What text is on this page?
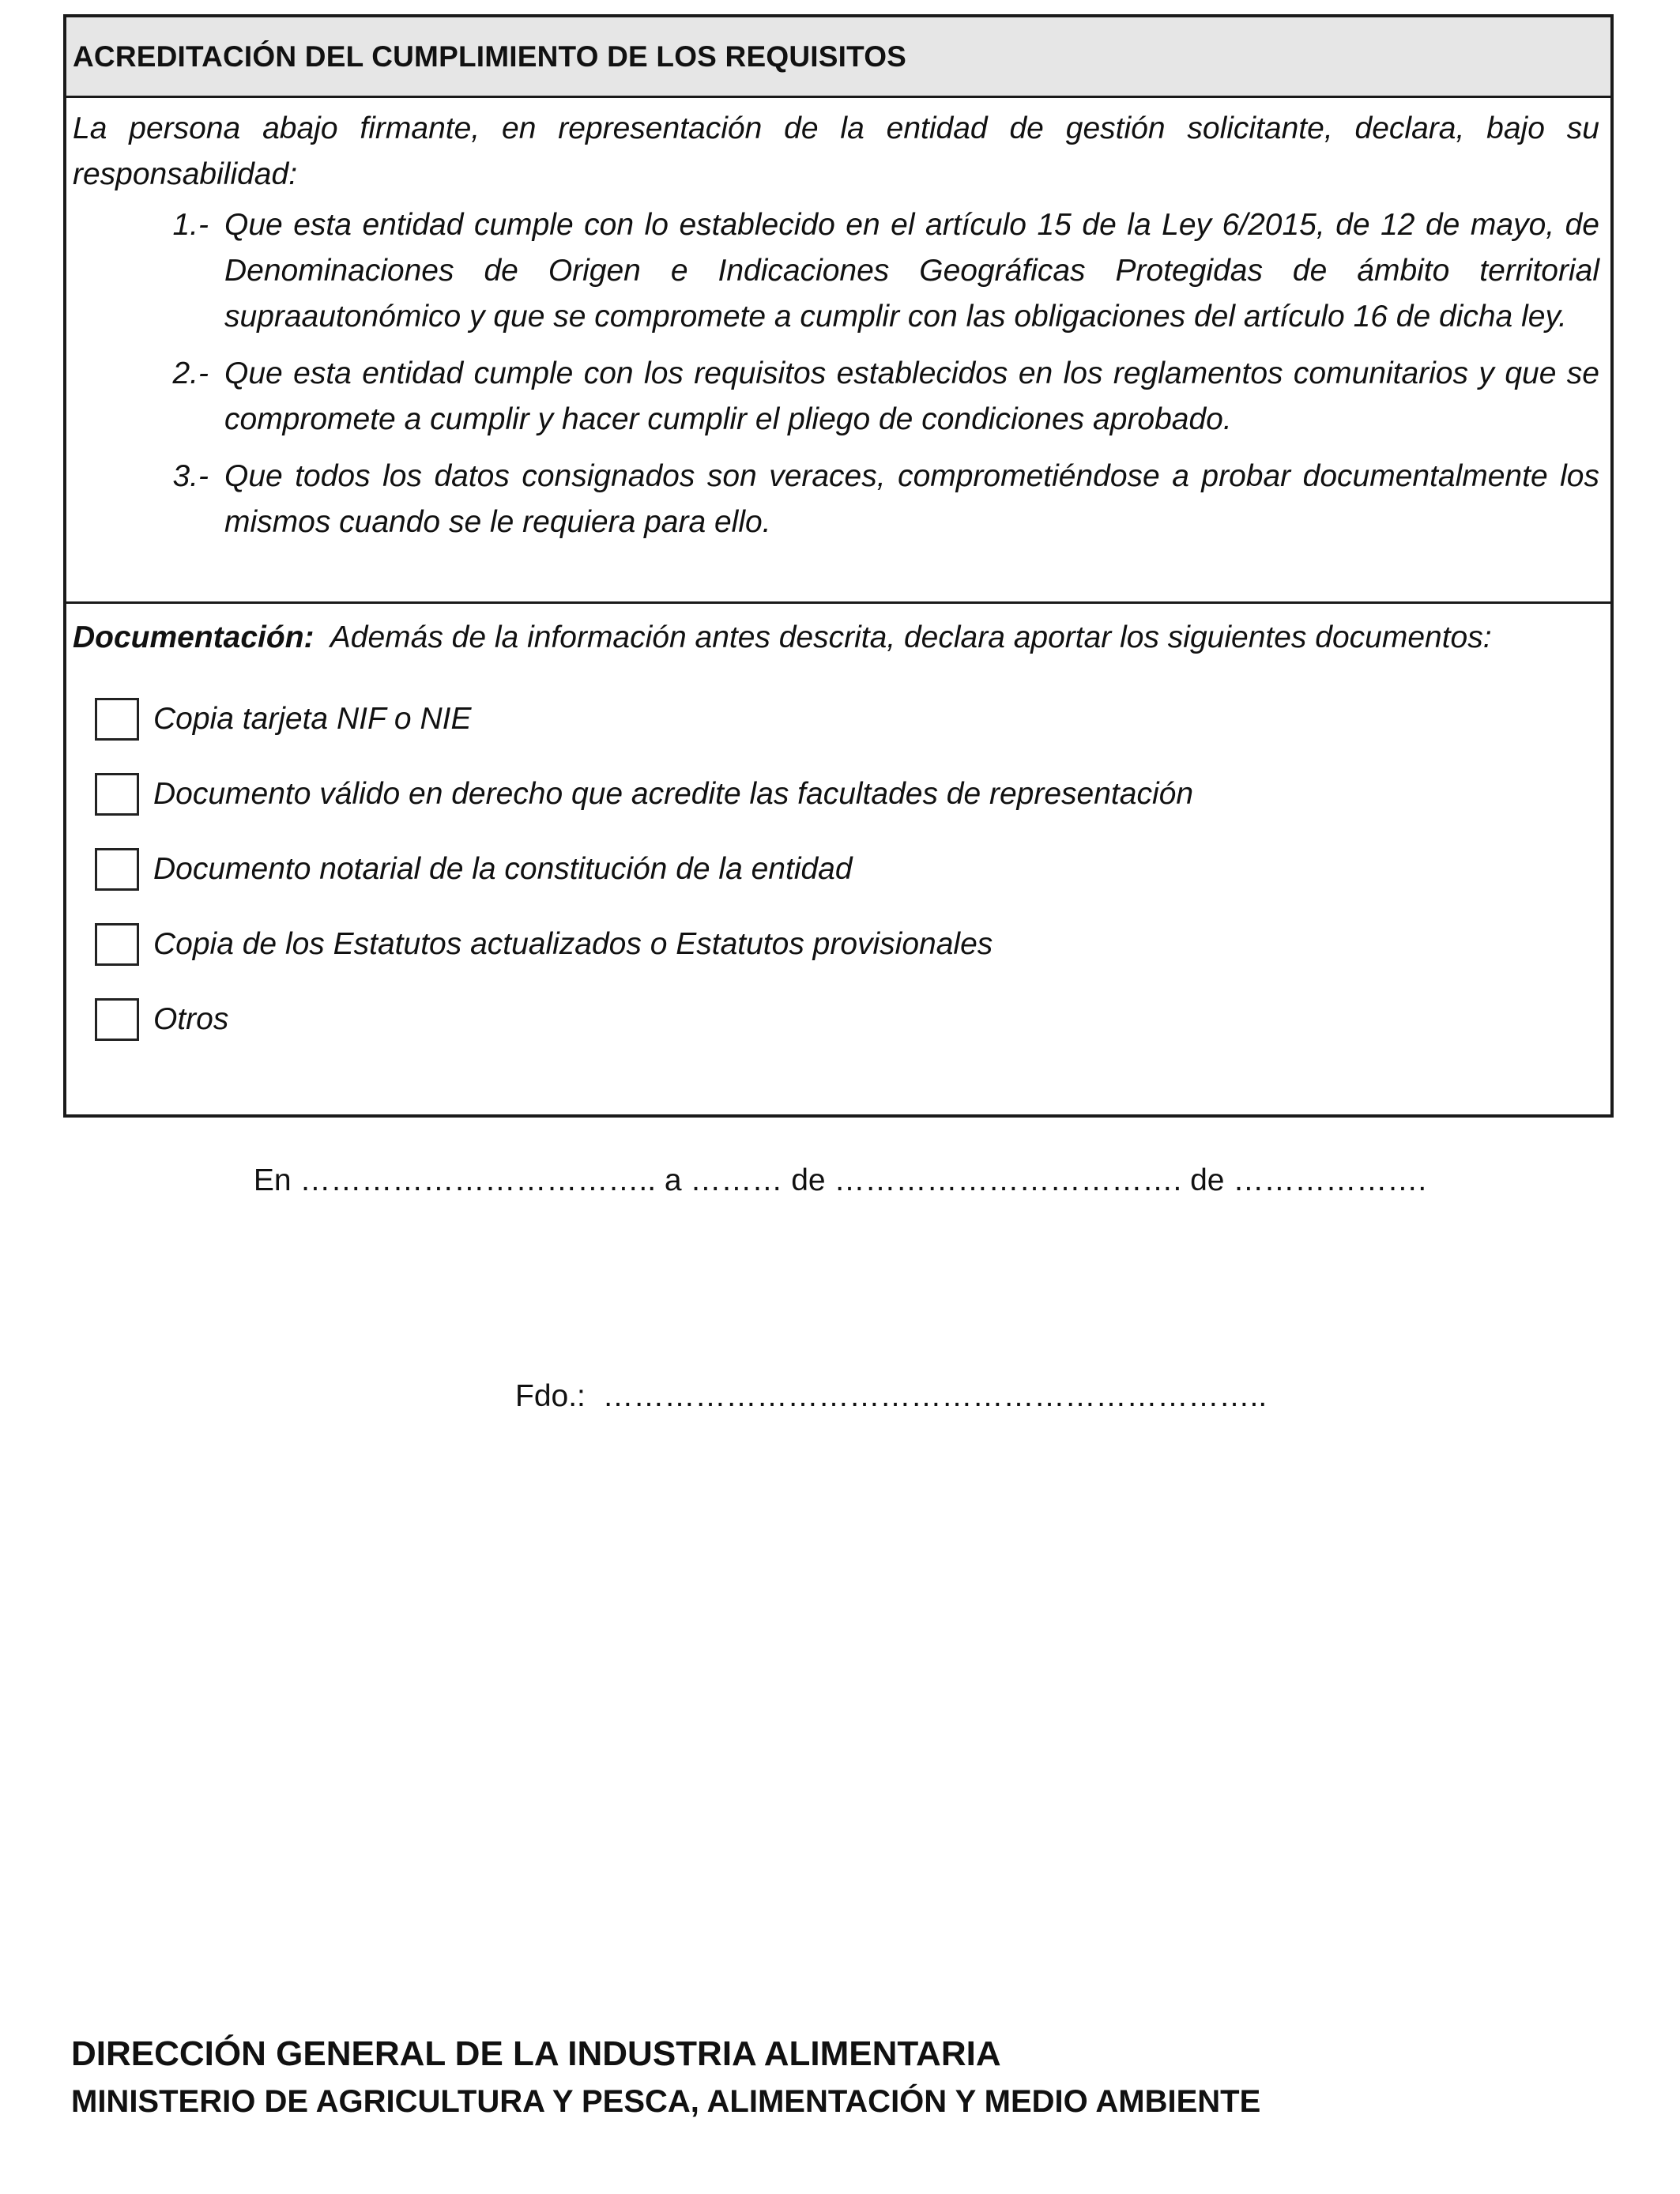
ACREDITACIÓN DEL CUMPLIMIENTO DE LOS REQUISITOS

La persona abajo firmante, en representación de la entidad de gestión solicitante, declara, bajo su responsabilidad:

1.- Que esta entidad cumple con lo establecido en el artículo 15 de la Ley 6/2015, de 12 de mayo, de Denominaciones de Origen e Indicaciones Geográficas Protegidas de ámbito territorial supraautonómico y que se compromete a cumplir con las obligaciones del artículo 16 de dicha ley.
2.- Que esta entidad cumple con los requisitos establecidos en los reglamentos comunitarios y que se compromete a cumplir y hacer cumplir el pliego de condiciones aprobado.
3.- Que todos los datos consignados son veraces, comprometiéndose a probar documentalmente los mismos cuando se le requiera para ello.

Documentación: Además de la información antes descrita, declara aportar los siguientes documentos:

Copia tarjeta NIF o NIE
Documento válido en derecho que acredite las facultades de representación
Documento notarial de la constitución de la entidad
Copia de los Estatutos actualizados o Estatutos provisionales
Otros
En …………………………….. a ……… de ……………………………. de ……………….
Fdo.:  ………………………………………………………..
DIRECCIÓN GENERAL DE LA INDUSTRIA ALIMENTARIA
MINISTERIO DE AGRICULTURA Y PESCA, ALIMENTACIÓN Y MEDIO AMBIENTE
